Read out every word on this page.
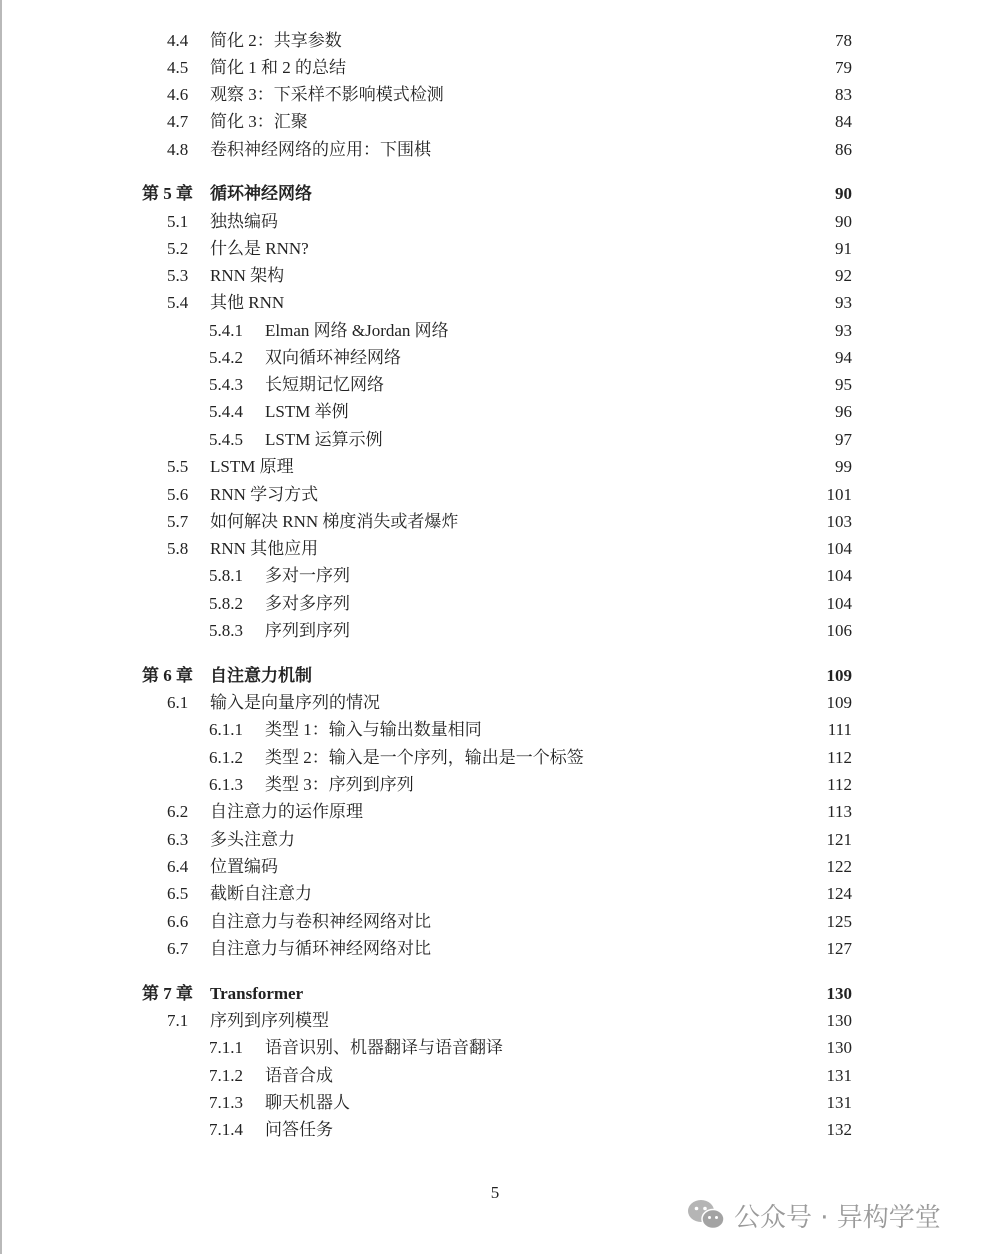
4.4 简化 2：共享参数	78
4.5 简化 1 和 2 的总结	79
4.6 观察 3：下采样不影响模式检测	83
4.7 简化 3：汇聚	84
4.8 卷积神经网络的应用：下围棋	86
第 5 章 循环神经网络	90
5.1 独热编码	90
5.2 什么是 RNN?	91
5.3 RNN 架构	92
5.4 其他 RNN	93
5.4.1 Elman 网络 &Jordan 网络	93
5.4.2 双向循环神经网络	94
5.4.3 长短期记忆网络	95
5.4.4 LSTM 举例	96
5.4.5 LSTM 运算示例	97
5.5 LSTM 原理	99
5.6 RNN 学习方式	101
5.7 如何解决 RNN 梯度消失或者爆炸	103
5.8 RNN 其他应用	104
5.8.1 多对一序列	104
5.8.2 多对多序列	104
5.8.3 序列到序列	106
第 6 章 自注意力机制	109
6.1 输入是向量序列的情况	109
6.1.1 类型 1：输入与输出数量相同	111
6.1.2 类型 2：输入是一个序列，输出是一个标签	112
6.1.3 类型 3：序列到序列	112
6.2 自注意力的运作原理	113
6.3 多头注意力	121
6.4 位置编码	122
6.5 截断自注意力	124
6.6 自注意力与卷积神经网络对比	125
6.7 自注意力与循环神经网络对比	127
第 7 章 Transformer	130
7.1 序列到序列模型	130
7.1.1 语音识别、机器翻译与语音翻译	130
7.1.2 语音合成	131
7.1.3 聊天机器人	131
7.1.4 问答任务	132
5
公众号 · 异构学堂
